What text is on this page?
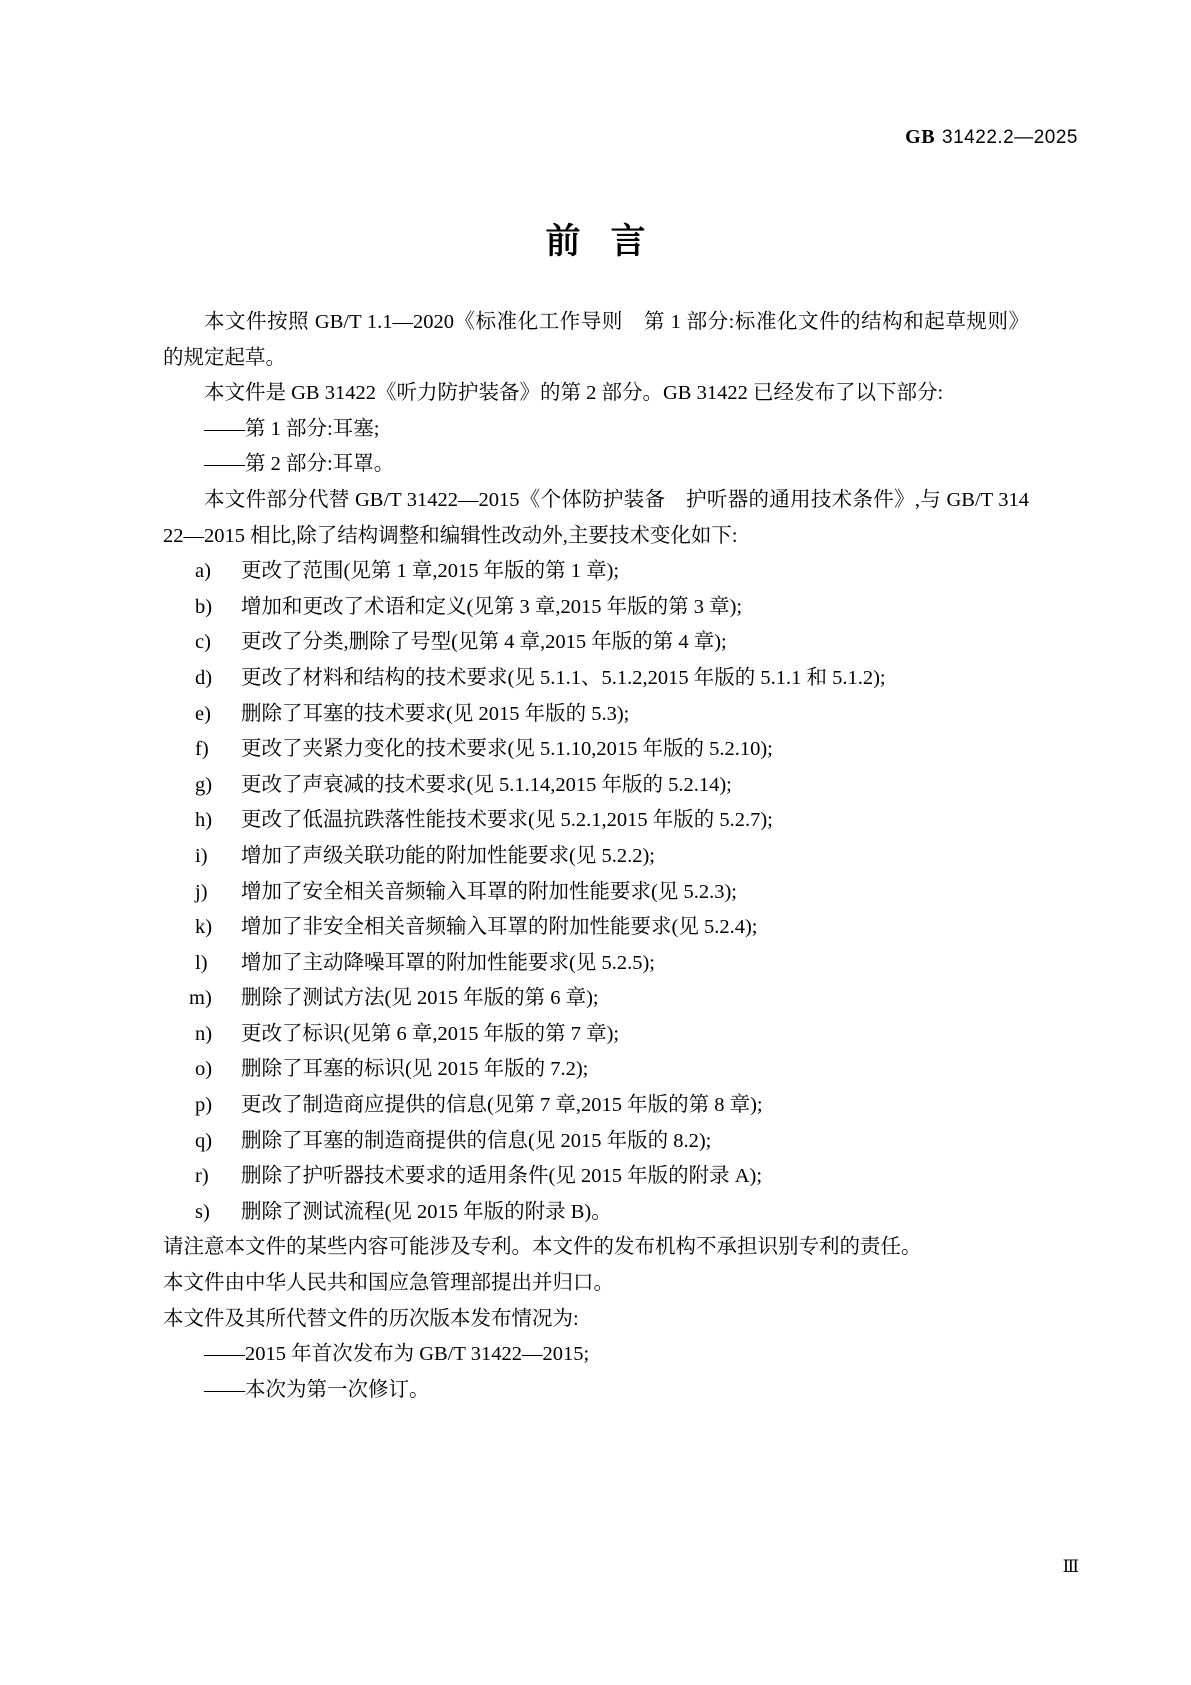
GB 31422.2—2025
前言

本文件按照 GB/T 1.1—2020《标准化工作导则　第 1 部分:标准化文件的结构和起草规则》的规定起草。

本文件是 GB 31422《听力防护装备》的第 2 部分。GB 31422 已经发布了以下部分:

——第 1 部分:耳塞;

——第 2 部分:耳罩。

本文件部分代替 GB/T 31422—2015《个体防护装备　护听器的通用技术条件》,与 GB/T 31422—2015 相比,除了结构调整和编辑性改动外,主要技术变化如下:

a)	更改了范围(见第 1 章,2015 年版的第 1 章);
b)	增加和更改了术语和定义(见第 3 章,2015 年版的第 3 章);
c)	更改了分类,删除了号型(见第 4 章,2015 年版的第 4 章);
d)	更改了材料和结构的技术要求(见 5.1.1、5.1.2,2015 年版的 5.1.1 和 5.1.2);
e)	删除了耳塞的技术要求(见 2015 年版的 5.3);
f)	更改了夹紧力变化的技术要求(见 5.1.10,2015 年版的 5.2.10);
g)	更改了声衰减的技术要求(见 5.1.14,2015 年版的 5.2.14);
h)	更改了低温抗跌落性能技术要求(见 5.2.1,2015 年版的 5.2.7);
i)	增加了声级关联功能的附加性能要求(见 5.2.2);
j)	增加了安全相关音频输入耳罩的附加性能要求(见 5.2.3);
k)	增加了非安全相关音频输入耳罩的附加性能要求(见 5.2.4);
l)	增加了主动降噪耳罩的附加性能要求(见 5.2.5);
m)	删除了测试方法(见 2015 年版的第 6 章);
n)	更改了标识(见第 6 章,2015 年版的第 7 章);
o)	删除了耳塞的标识(见 2015 年版的 7.2);
p)	更改了制造商应提供的信息(见第 7 章,2015 年版的第 8 章);
q)	删除了耳塞的制造商提供的信息(见 2015 年版的 8.2);
r)	删除了护听器技术要求的适用条件(见 2015 年版的附录 A);
s)	删除了测试流程(见 2015 年版的附录 B)。

请注意本文件的某些内容可能涉及专利。本文件的发布机构不承担识别专利的责任。

本文件由中华人民共和国应急管理部提出并归口。

本文件及其所代替文件的历次版本发布情况为:

——2015 年首次发布为 GB/T 31422—2015;

——本次为第一次修订。

Ⅲ
